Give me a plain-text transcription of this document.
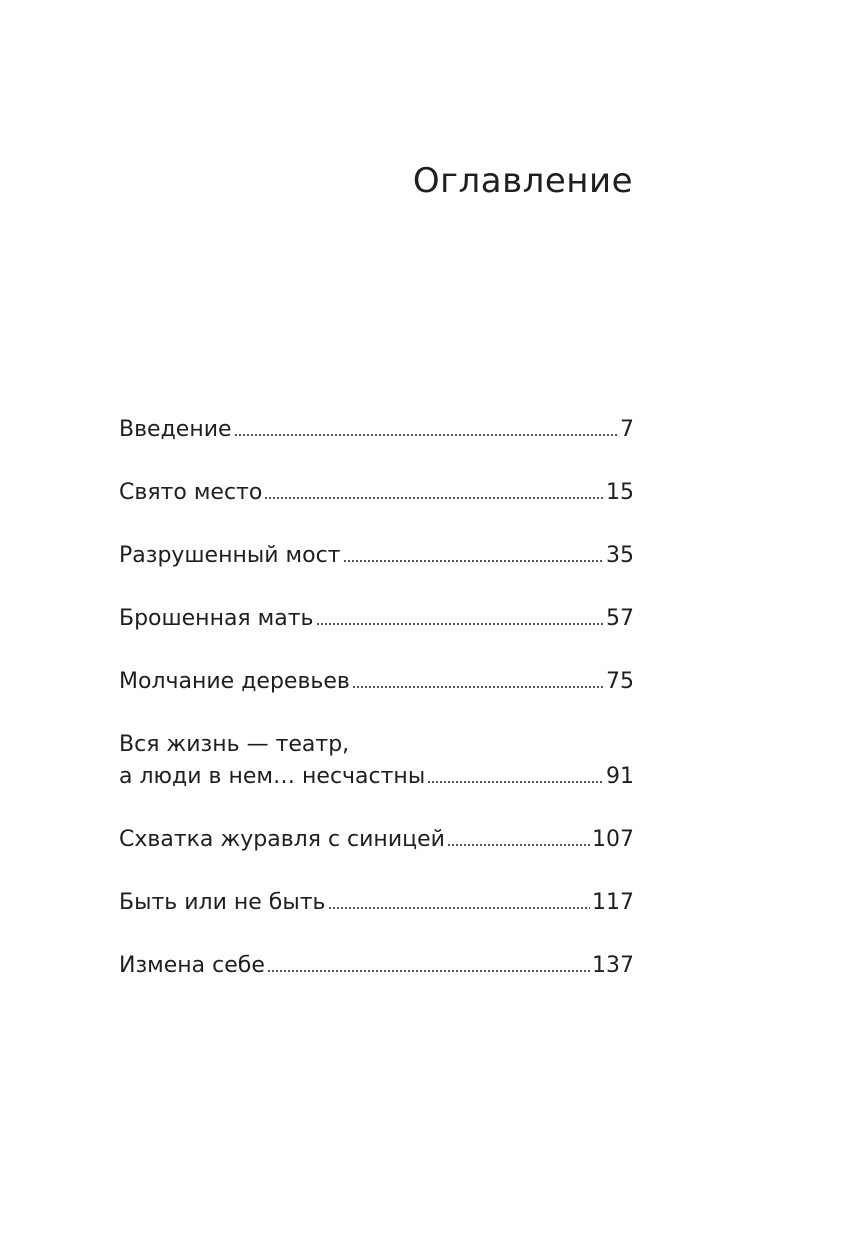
Оглавление
Введение	7
Свято место	15
Разрушенный мост	35
Брошенная мать	57
Молчание деревьев	75
Вся жизнь — театр,
а люди в нем… несчастны	91
Схватка журавля с синицей	107
Быть или не быть	117
Измена себе	137
